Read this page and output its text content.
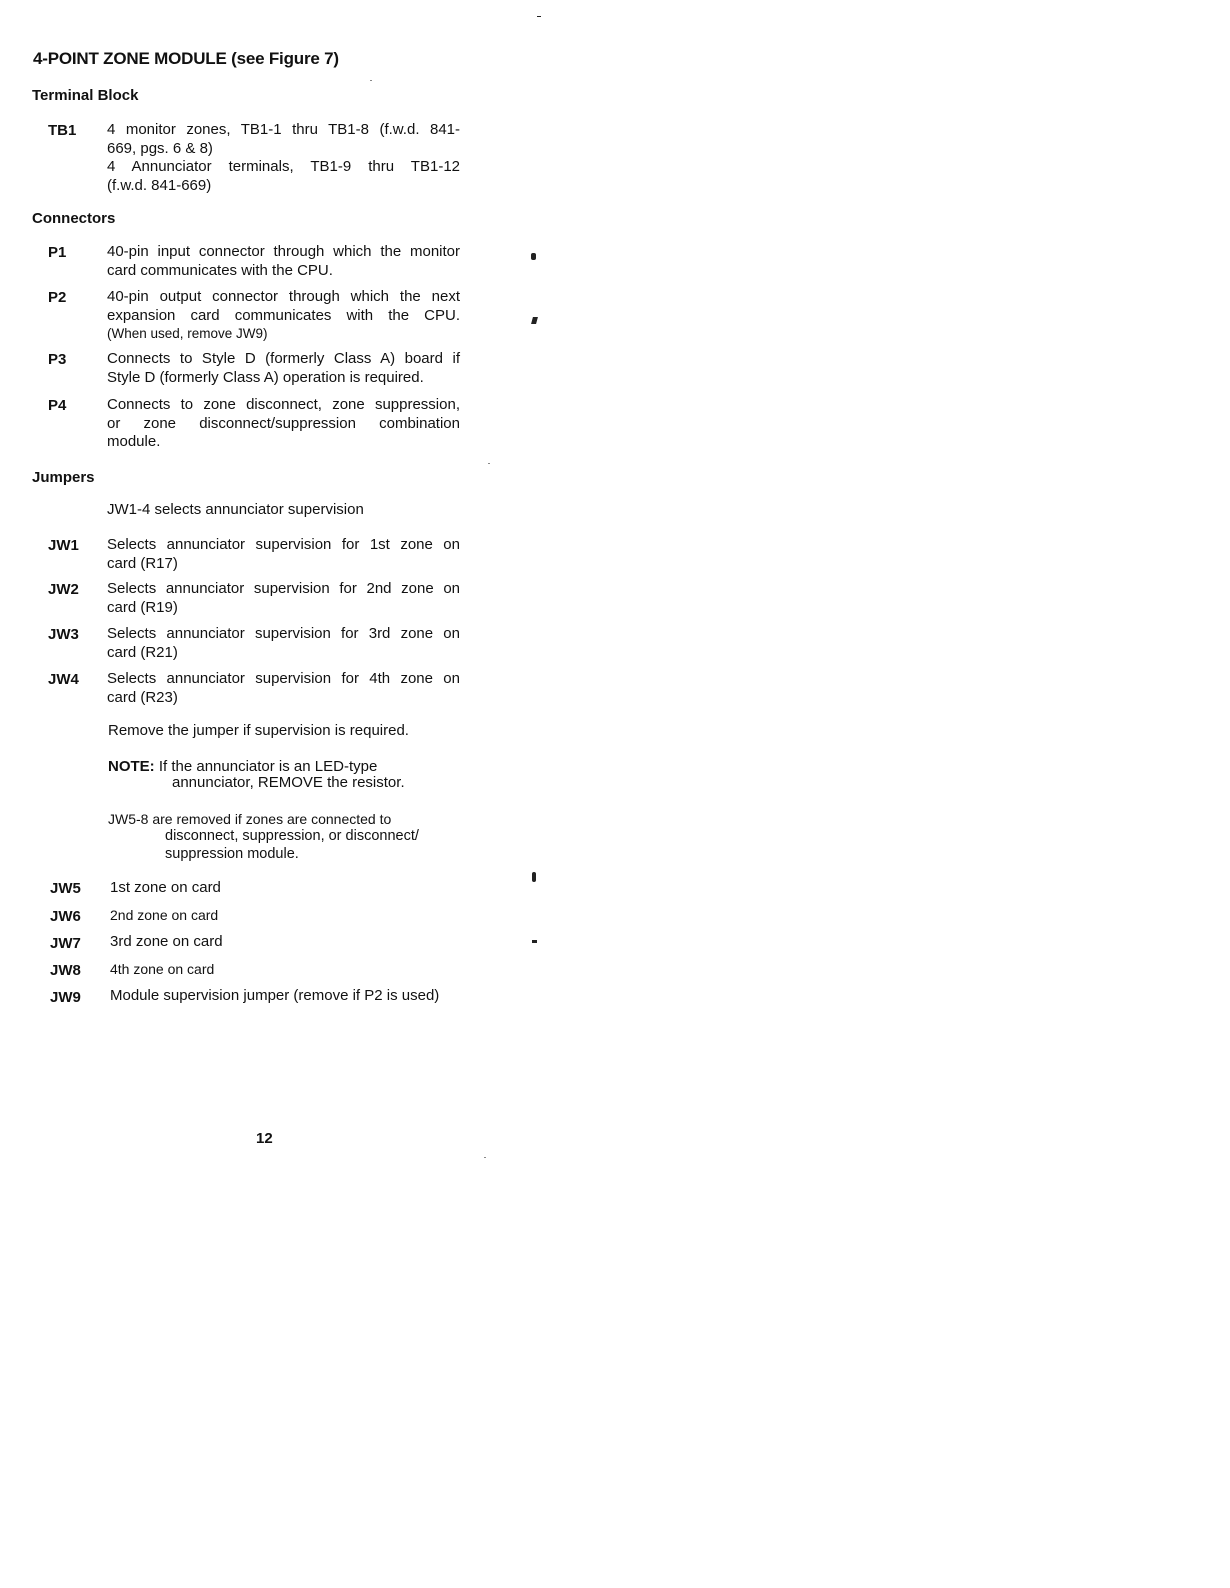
4-POINT ZONE MODULE (see Figure 7)
Terminal Block
TB1 4 monitor zones, TB1-1 thru TB1-8 (f.w.d. 841-
669, pgs. 6 & 8)
4 Annunciator terminals, TB1-9 thru TB1-12
(f.w.d. 841-669)
Connectors
P1	40-pin input connector through which the monitor
card communicates with the CPU.
P2	40-pin output connector through which the next
expansion card communicates with the CPU.
(When used, remove JW9)
P3	Connects to Style D (formerly Class A) board if
Style D (formerly Class A) operation is required.
P4	Connects to zone disconnect, zone suppression,
or zone disconnect/suppression combination
module.
Jumpers
JW1-4 selects annunciator supervision
JW1 Selects annunciator supervision for 1st zone on
card (R17)
JW2 Selects annunciator supervision for 2nd zone on
card (R19)
JW3 Selects annunciator supervision for 3rd zone on
card (R21)
JW4 Selects annunciator supervision for 4th zone on
card (R23)
Remove the jumper if supervision is required.
NOTE: If the annunciator is an LED-type
annunciator, REMOVE the resistor.
JW5-8 are removed if zones are connected to
disconnect, suppression, or disconnect/
suppression module.
JW5 1st zone on card
JW6 2nd zone on card
JW7 3rd zone on card
JW8 4th zone on card
JW9 Module supervision jumper (remove if P2 is used)
12
